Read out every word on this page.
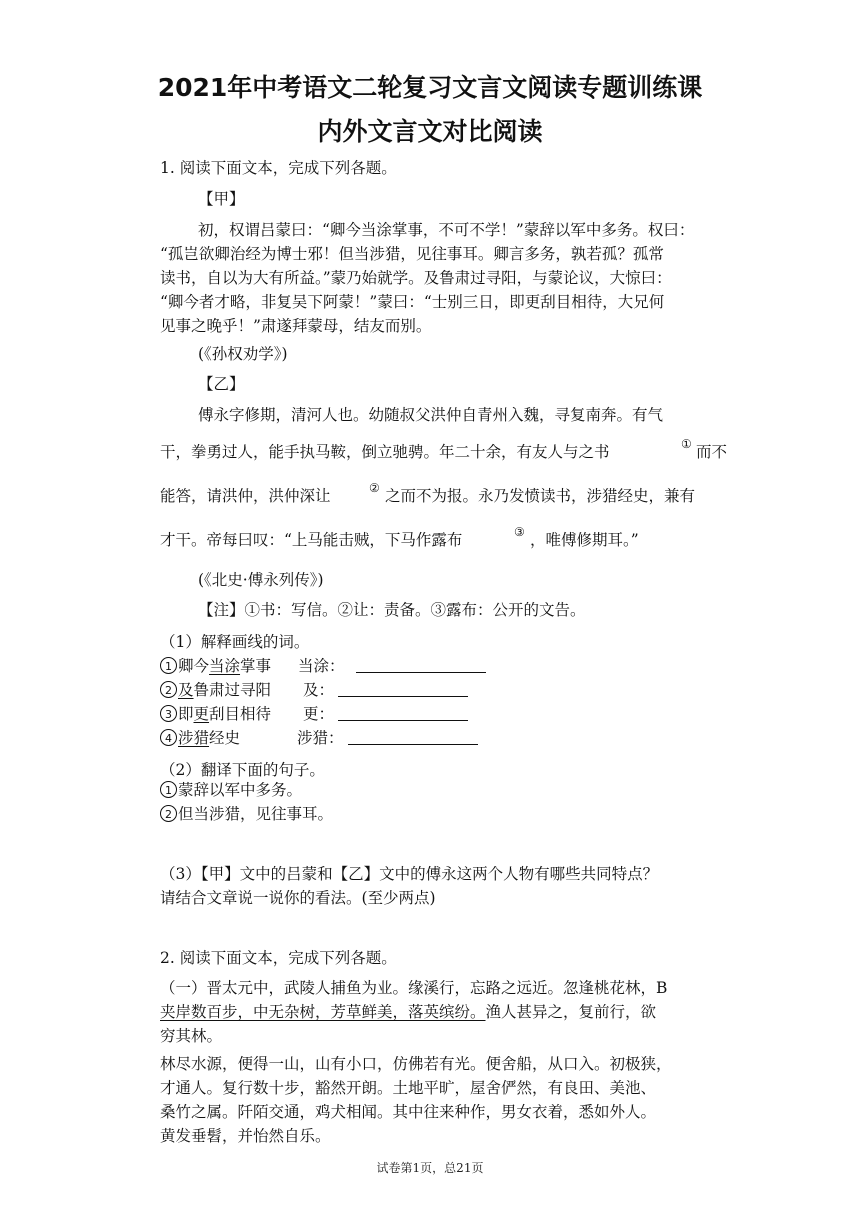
2021年中考语文二轮复习文言文阅读专题训练课
内外文言文对比阅读
1. 阅读下面文本，完成下列各题。
【甲】
初，权谓吕蒙曰：“卿今当涂掌事，不可不学！”蒙辞以军中多务。权曰：
“孤岂欲卿治经为博士邪！但当涉猎，见往事耳。卿言多务，孰若孤？孤常
读书，自以为大有所益。”蒙乃始就学。及鲁肃过寻阳，与蒙论议，大惊曰：
“卿今者才略，非复吴下阿蒙！”蒙曰：“士别三日，即更刮目相待，大兄何
见事之晚乎！”肃遂拜蒙母，结友而别。
(《孙权劝学》)
【乙】
傅永字修期，清河人也。幼随叔父洪仲自青州入魏，寻复南奔。有气
干，拳勇过人，能手执马鞍，倒立驰骋。年二十余，有友人与之书	① 而不
能答，请洪仲，洪仲深让	② 之而不为报。永乃发愤读书，涉猎经史，兼有
才干。帝每曰叹：“上马能击贼，下马作露布	③ ，唯傅修期耳。”
(《北史·傅永列传》)
【注】①书：写信。②让：责备。③露布：公开的文告。
（1）解释画线的词。
1 卿今当涂掌事 当涂：
2 及鲁肃过寻阳 及：
3 即更刮目相待 更：
4 涉猎经史	涉猎：
（2）翻译下面的句子。
1 蒙辞以军中多务。
2 但当涉猎，见往事耳。
（3）【甲】文中的吕蒙和【乙】文中的傅永这两个人物有哪些共同特点？
请结合文章说一说你的看法。(至少两点)
2. 阅读下面文本，完成下列各题。
（一）晋太元中，武陵人捕鱼为业。缘溪行，忘路之远近。忽逢桃花林，B
夹岸数百步，中无杂树，芳草鲜美，落英缤纷。渔人甚异之，复前行，欲
穷其林。
林尽水源，便得一山，山有小口，仿佛若有光。便舍船，从口入。初极狭，
才通人。复行数十步，豁然开朗。土地平旷，屋舍俨然，有良田、美池、
桑竹之属。阡陌交通，鸡犬相闻。其中往来种作，男女衣着，悉如外人。
黄发垂髫，并怡然自乐。
试卷第1页，总21页
